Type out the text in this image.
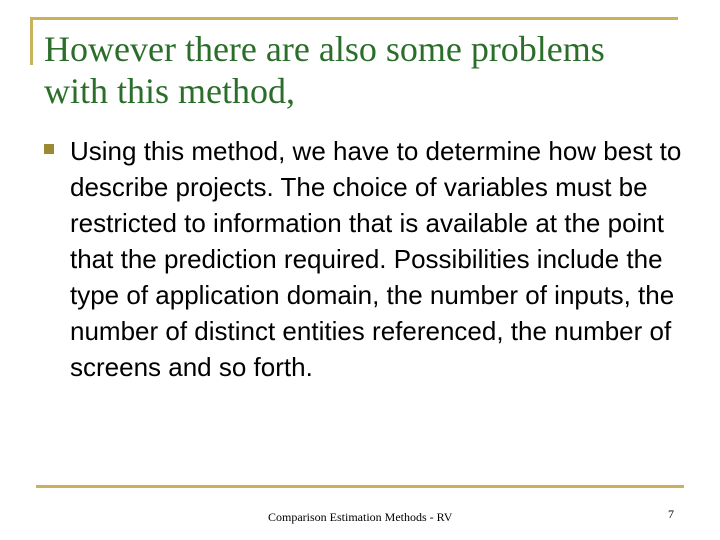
However there are also some problems with this method,

Using this method, we have to determine how best to describe projects. The choice of variables must be restricted to information that is available at the point that the prediction required. Possibilities include the type of application domain, the number of inputs, the number of distinct entities referenced, the number of screens and so forth.

Comparison Estimation Methods - RV	7
